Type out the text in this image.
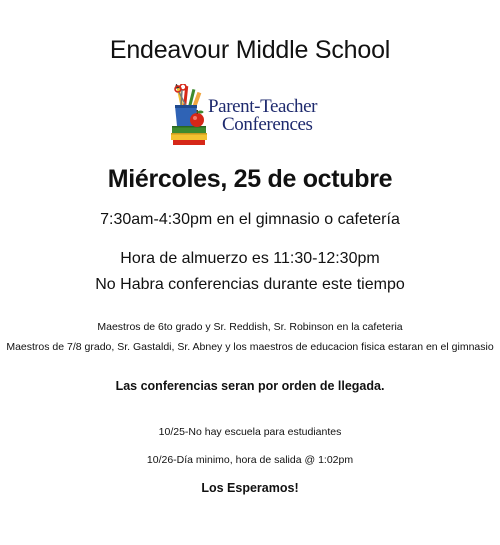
Endeavour Middle School
Parent-Teacher
Conferences
Miércoles, 25 de octubre
7:30am-4:30pm en el gimnasio o cafetería
Hora de almuerzo es 11:30-12:30pm
No Habra conferencias durante este tiempo
Maestros de 6to grado y Sr. Reddish, Sr. Robinson en la cafeteria
Maestros de 7/8 grado, Sr. Gastaldi, Sr. Abney y los maestros de educacion fisica estaran en el gimnasio
Las conferencias seran por orden de llegada.
10/25-No hay escuela para estudiantes
10/26-Día minimo, hora de salida @ 1:02pm
Los Esperamos!
